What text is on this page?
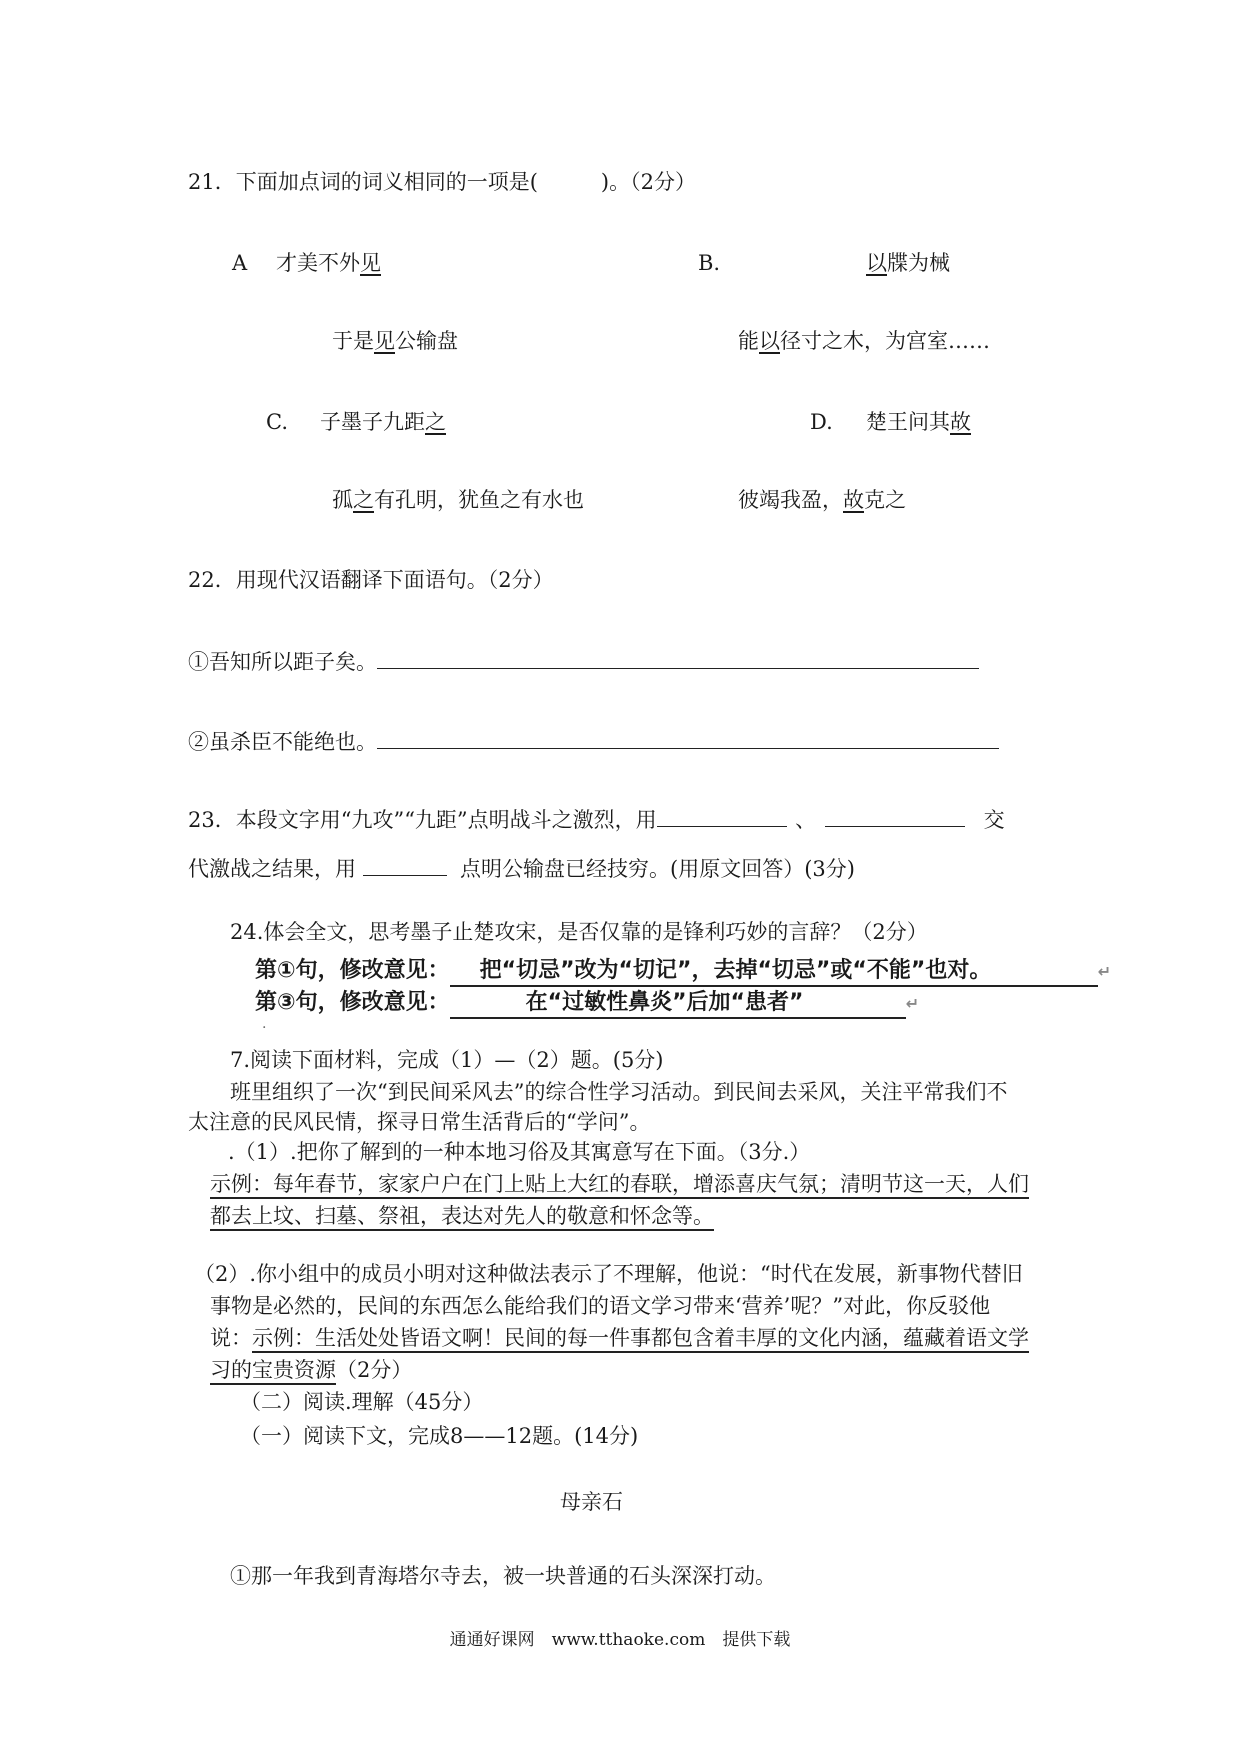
21．下面加点词的词义相同的一项是(　　　)。（2分）
A 才美不外见	B.	以牒为械
于是见公输盘	能以径寸之木，为宫室……
C. 子墨子九距之	D. 楚王问其故
孤之有孔明，犹鱼之有水也	彼竭我盈，故克之
22．用现代汉语翻译下面语句。（2分）
①吾知所以距子矣。
②虽杀臣不能绝也。
23．本段文字用“九攻”“九距”点明战斗之激烈，用	、	交
代激战之结果，用	点明公输盘已经技穷。(用原文回答）(3分)
24.体会全文，思考墨子止楚攻宋，是否仅靠的是锋利巧妙的言辞？（2分）
第①句，修改意见： 把“切忌”改为“切记”，去掉“切忌”或“不能”也对。	↵
第③句，修改意见：	在“过敏性鼻炎”后加“患者”	↵
.
7.阅读下面材料，完成（1）—（2）题。(5分)
班里组织了一次“到民间采风去”的综合性学习活动。到民间去采风，关注平常我们不
太注意的民风民情，探寻日常生活背后的“学问”。
.（1）.把你了解到的一种本地习俗及其寓意写在下面。（3分.）
示例：每年春节，家家户户在门上贴上大红的春联，增添喜庆气氛；清明节这一天，人们
都去上坟、扫墓、祭祖，表达对先人的敬意和怀念等。
（2）.你小组中的成员小明对这种做法表示了不理解，他说：“时代在发展，新事物代替旧
事物是必然的，民间的东西怎么能给我们的语文学习带来‘营养’呢？”对此，你反驳他
说：示例：生活处处皆语文啊！民间的每一件事都包含着丰厚的文化内涵，蕴藏着语文学
习的宝贵资源（2分）
（二）阅读.理解（45分）
（一）阅读下文，完成8——12题。(14分)
母亲石
①那一年我到青海塔尔寺去，被一块普通的石头深深打动。
通通好课网　www.tthaoke.com　提供下载
